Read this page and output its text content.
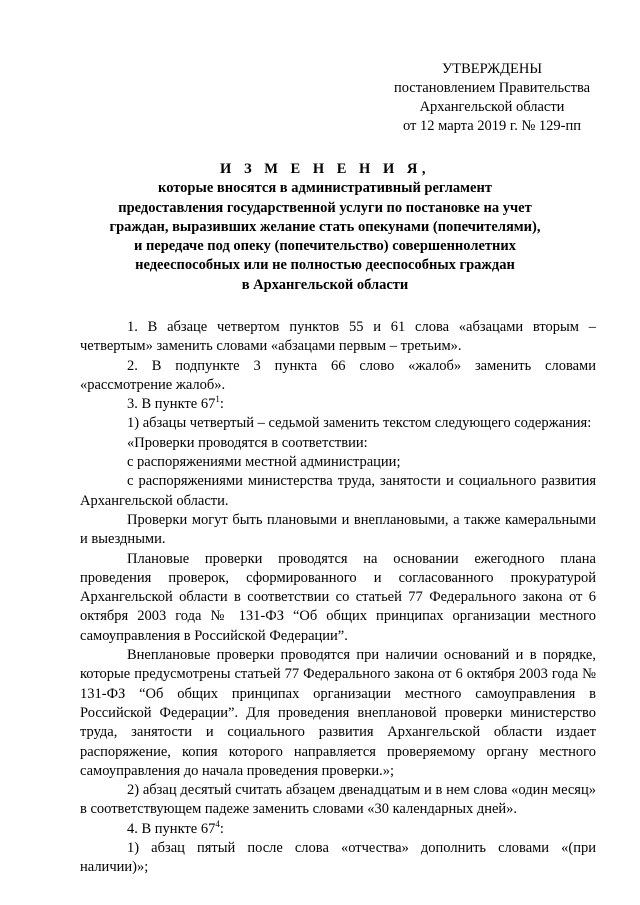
УТВЕРЖДЕНЫ
постановлением Правительства
Архангельской области
от 12 марта 2019 г. № 129-пп
И З М Е Н Е Н И Я,
которые вносятся в административный регламент
предоставления государственной услуги по постановке на учет
граждан, выразивших желание стать опекунами (попечителями),
и передаче под опеку (попечительство) совершеннолетних
недееспособных или не полностью дееспособных граждан
в Архангельской области

1. В абзаце четвертом пунктов 55 и 61 слова «абзацами вторым – четвертым» заменить словами «абзацами первым – третьим».

2. В подпункте 3 пункта 66 слово «жалоб» заменить словами «рассмотрение жалоб».

3. В пункте $67^1$:

1) абзацы четвертый – седьмой заменить текстом следующего содержания:

«Проверки проводятся в соответствии:

с распоряжениями местной администрации;

с распоряжениями министерства труда, занятости и социального развития Архангельской области.

Проверки могут быть плановыми и внеплановыми, а также камеральными и выездными.

Плановые проверки проводятся на основании ежегодного плана проведения проверок, сформированного и согласованного прокуратурой Архангельской области в соответствии со статьей 77 Федерального закона от 6 октября 2003 года № 131-ФЗ “Об общих принципах организации местного самоуправления в Российской Федерации”.

Внеплановые проверки проводятся при наличии оснований и в порядке, которые предусмотрены статьей 77 Федерального закона от 6 октября 2003 года № 131-ФЗ “Об общих принципах организации местного самоуправления в Российской Федерации”. Для проведения внеплановой проверки министерство труда, занятости и социального развития Архангельской области издает распоряжение, копия которого направляется проверяемому органу местного самоуправления до начала проведения проверки.»;

2) абзац десятый считать абзацем двенадцатым и в нем слова «один месяц» в соответствующем падеже заменить словами «30 календарных дней».

4. В пункте $67^4$:

1) абзац пятый после слова «отчества» дополнить словами «(при наличии)»;
